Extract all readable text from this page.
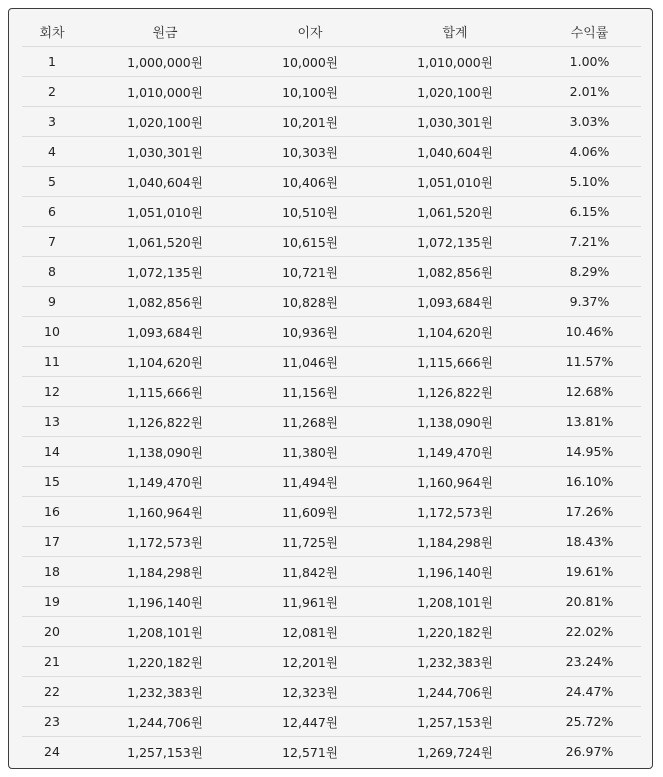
회차	원금	이자	합계	수익률
1	1,000,000원	10,000원	1,010,000원	1.00%
2	1,010,000원	10,100원	1,020,100원	2.01%
3	1,020,100원	10,201원	1,030,301원	3.03%
4	1,030,301원	10,303원	1,040,604원	4.06%
5	1,040,604원	10,406원	1,051,010원	5.10%
6	1,051,010원	10,510원	1,061,520원	6.15%
7	1,061,520원	10,615원	1,072,135원	7.21%
8	1,072,135원	10,721원	1,082,856원	8.29%
9	1,082,856원	10,828원	1,093,684원	9.37%
10	1,093,684원	10,936원	1,104,620원	10.46%
11	1,104,620원	11,046원	1,115,666원	11.57%
12	1,115,666원	11,156원	1,126,822원	12.68%
13	1,126,822원	11,268원	1,138,090원	13.81%
14	1,138,090원	11,380원	1,149,470원	14.95%
15	1,149,470원	11,494원	1,160,964원	16.10%
16	1,160,964원	11,609원	1,172,573원	17.26%
17	1,172,573원	11,725원	1,184,298원	18.43%
18	1,184,298원	11,842원	1,196,140원	19.61%
19	1,196,140원	11,961원	1,208,101원	20.81%
20	1,208,101원	12,081원	1,220,182원	22.02%
21	1,220,182원	12,201원	1,232,383원	23.24%
22	1,232,383원	12,323원	1,244,706원	24.47%
23	1,244,706원	12,447원	1,257,153원	25.72%
24	1,257,153원	12,571원	1,269,724원	26.97%
